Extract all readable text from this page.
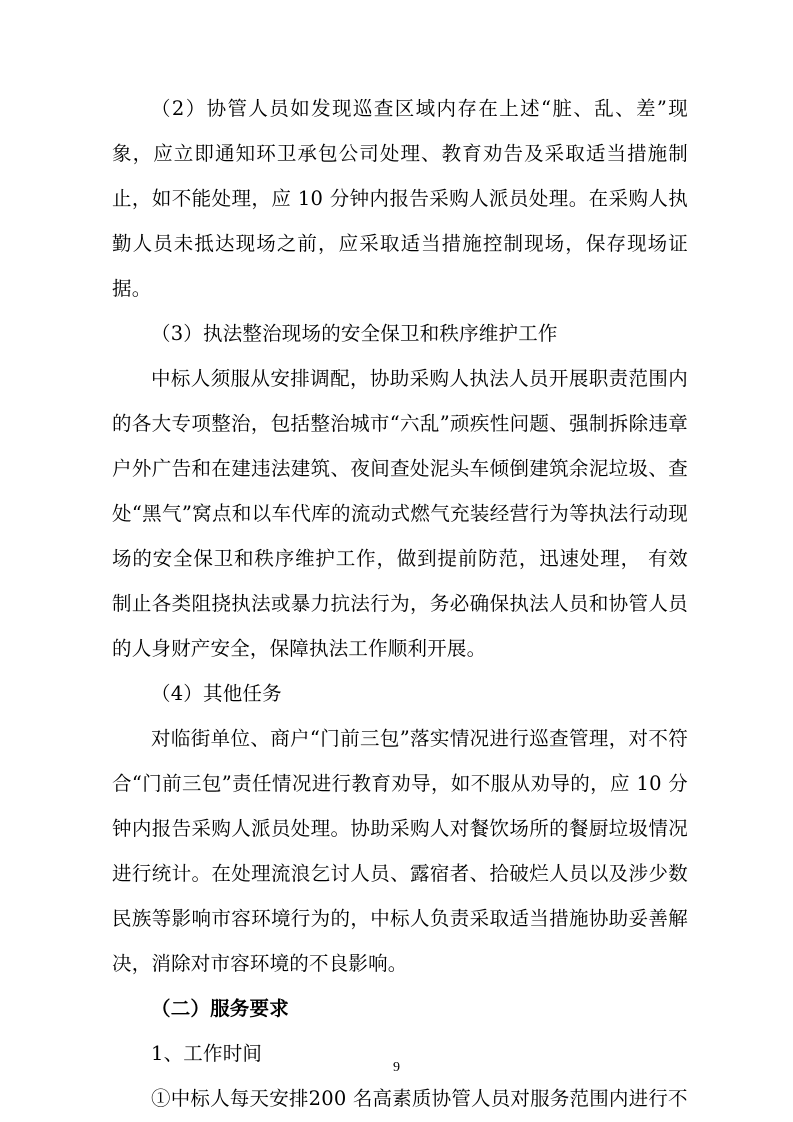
（2）协管人员如发现巡查区域内存在上述“脏、乱、差”现象，应立即通知环卫承包公司处理、教育劝告及采取适当措施制止，如不能处理，应 10 分钟内报告采购人派员处理。在采购人执勤人员未抵达现场之前，应采取适当措施控制现场，保存现场证据。

（3）执法整治现场的安全保卫和秩序维护工作

中标人须服从安排调配，协助采购人执法人员开展职责范围内的各大专项整治，包括整治城市“六乱”顽疾性问题、强制拆除违章户外广告和在建违法建筑、夜间查处泥头车倾倒建筑余泥垃圾、查处“黑气”窝点和以车代库的流动式燃气充装经营行为等执法行动现场的安全保卫和秩序维护工作，做到提前防范，迅速处理， 有效制止各类阻挠执法或暴力抗法行为，务必确保执法人员和协管人员的人身财产安全，保障执法工作顺利开展。

（4）其他任务

对临街单位、商户“门前三包”落实情况进行巡查管理，对不符合“门前三包”责任情况进行教育劝导，如不服从劝导的，应 10 分钟内报告采购人派员处理。协助采购人对餐饮场所的餐厨垃圾情况进行统计。在处理流浪乞讨人员、露宿者、拾破烂人员以及涉少数民族等影响市容环境行为的，中标人负责采取适当措施协助妥善解决，消除对市容环境的不良影响。

（二）服务要求

1、工作时间

①中标人每天安排200 名高素质协管人员对服务范围内进行不

9
